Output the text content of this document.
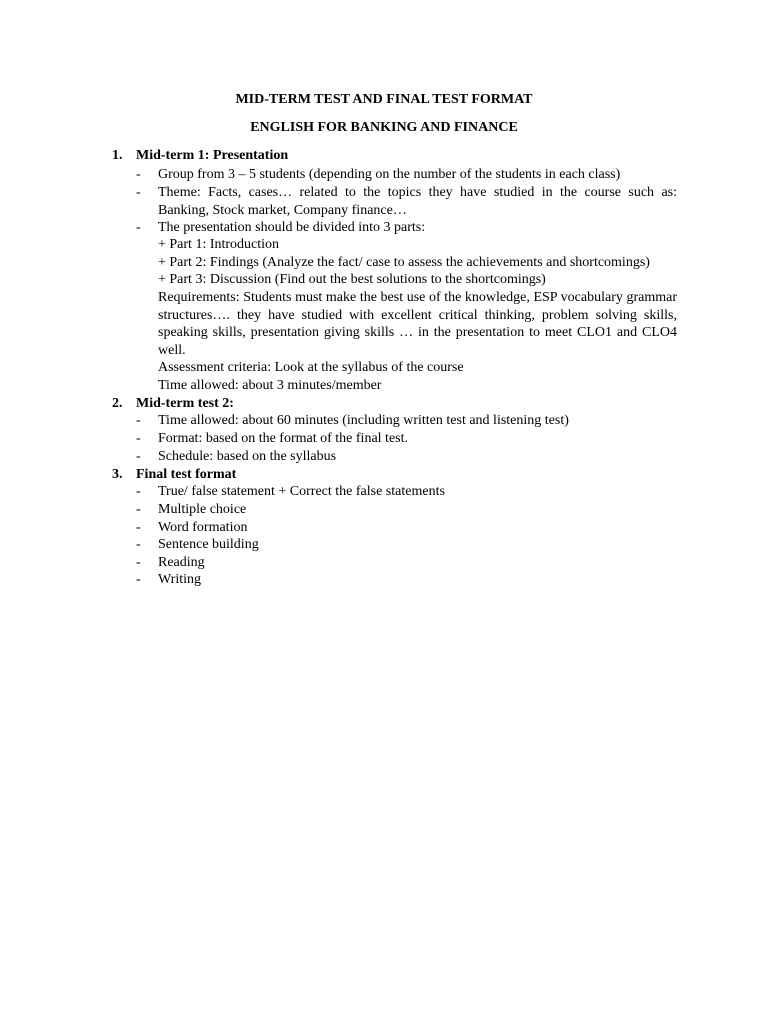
MID-TERM TEST AND FINAL TEST FORMAT
ENGLISH FOR BANKING AND FINANCE
1. Mid-term 1: Presentation
- Group from 3 – 5 students (depending on the number of the students in each class)
- Theme: Facts, cases… related to the topics they have studied in the course such as: Banking, Stock market, Company finance…
- The presentation should be divided into 3 parts:
+ Part 1: Introduction
+ Part 2: Findings (Analyze the fact/ case to assess the achievements and shortcomings)
+ Part 3: Discussion (Find out the best solutions to the shortcomings)
Requirements: Students must make the best use of the knowledge, ESP vocabulary grammar structures…. they have studied with excellent critical thinking, problem solving skills, speaking skills, presentation giving skills … in the presentation to meet CLO1 and CLO4 well.
Assessment criteria: Look at the syllabus of the course
Time allowed: about 3 minutes/member
2. Mid-term test 2:
- Time allowed: about 60 minutes (including written test and listening test)
- Format: based on the format of the final test.
- Schedule: based on the syllabus
3. Final test format
- True/ false statement + Correct the false statements
- Multiple choice
- Word formation
- Sentence building
- Reading
- Writing
